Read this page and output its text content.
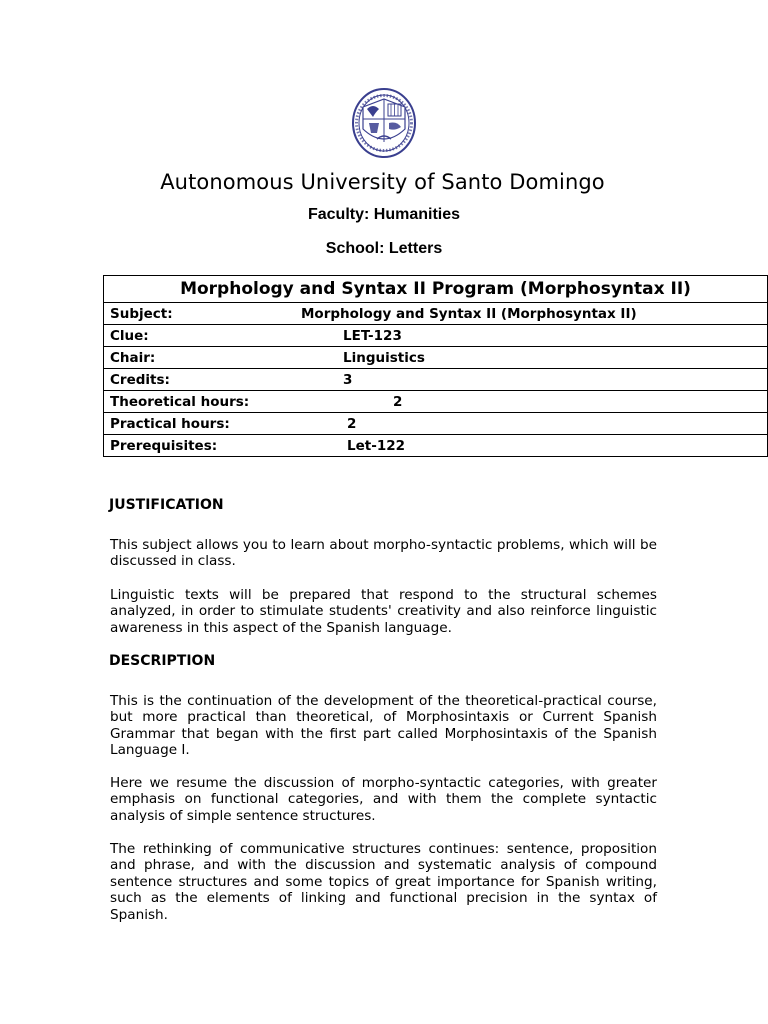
Autonomous University of Santo Domingo
Faculty: Humanities
School: Letters
Morphology and Syntax II Program (Morphosyntax II)
Subject:	Morphology and Syntax II (Morphosyntax II)

Clue:	LET-123

Chair:	Linguistics

Credits:	3

Theoretical hours:	2

Practical hours:	2

Prerequisites:	Let-122
JUSTIFICATION

This subject allows you to learn about morpho-syntactic problems, which will be discussed in class.

Linguistic texts will be prepared that respond to the structural schemes analyzed, in order to stimulate students' creativity and also reinforce linguistic awareness in this aspect of the Spanish language.

DESCRIPTION

This is the continuation of the development of the theoretical-practical course, but more practical than theoretical, of Morphosintaxis or Current Spanish Grammar that began with the first part called Morphosintaxis of the Spanish Language I.

Here we resume the discussion of morpho-syntactic categories, with greater emphasis on functional categories, and with them the complete syntactic analysis of simple sentence structures.

The rethinking of communicative structures continues: sentence, proposition and phrase, and with the discussion and systematic analysis of compound sentence structures and some topics of great importance for Spanish writing, such as the elements of linking and functional precision in the syntax of Spanish.
